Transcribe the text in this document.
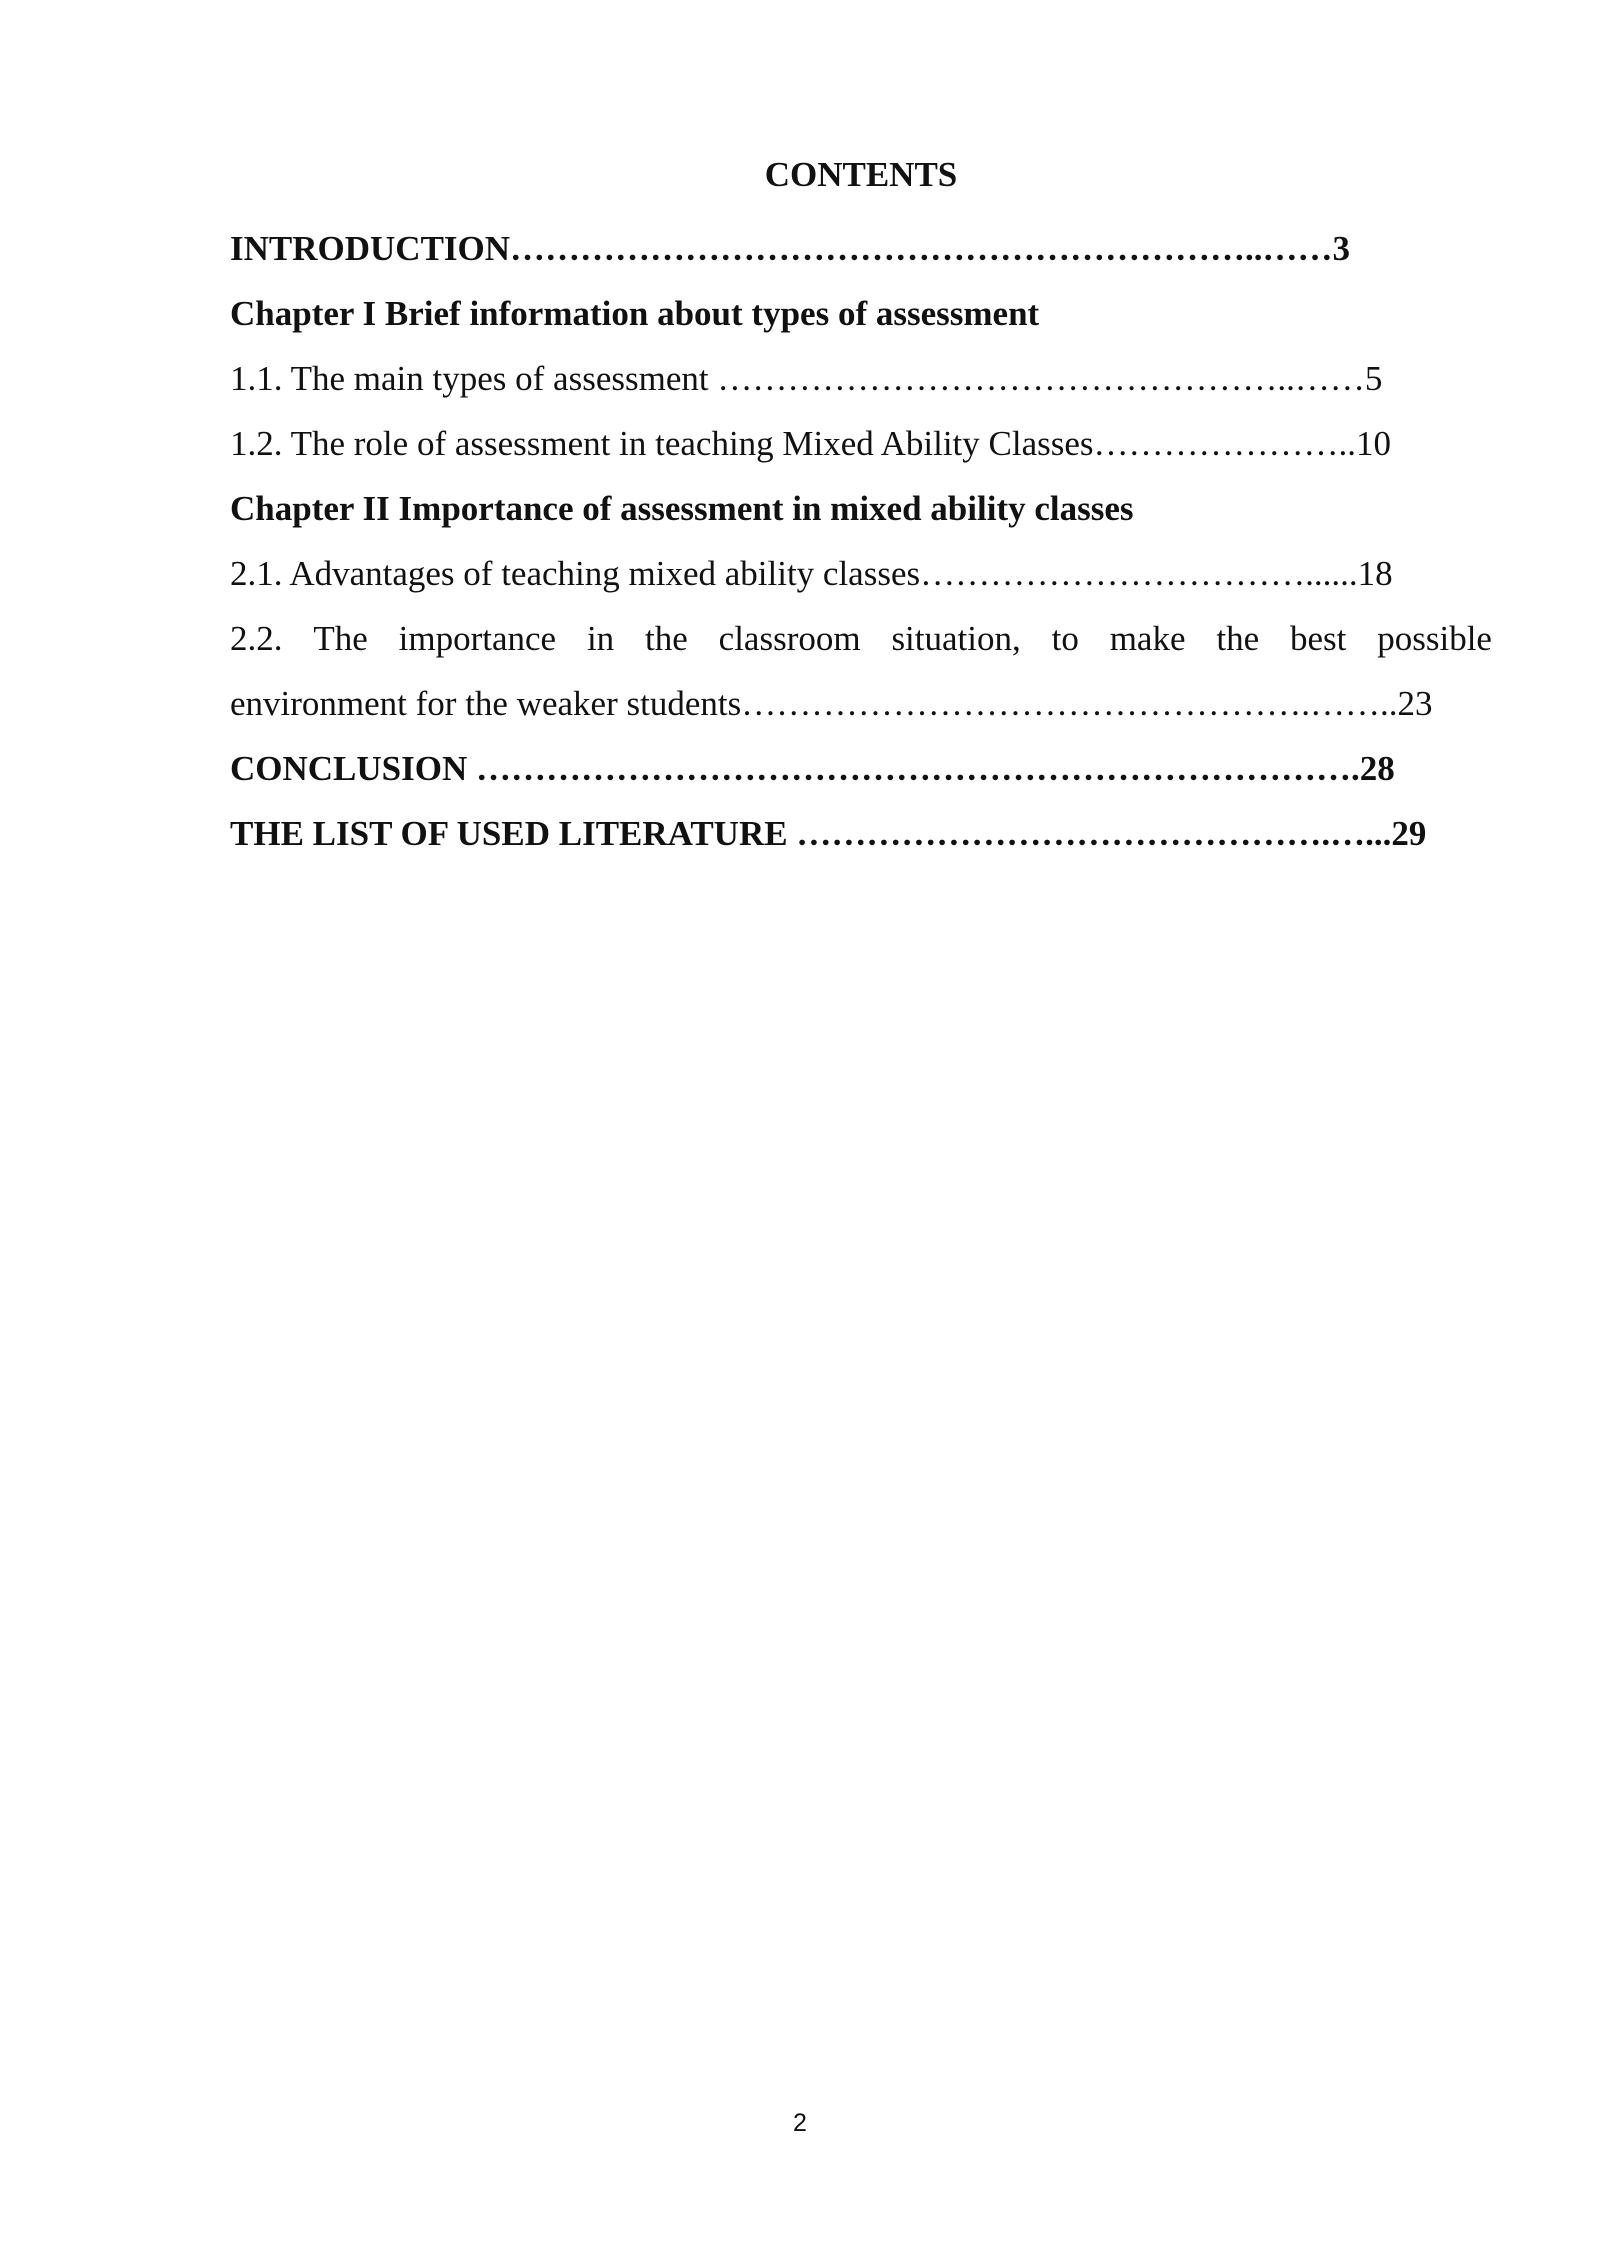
CONTENTS
INTRODUCTION………………………………………………………..……3
Chapter I Brief information about types of assessment
1.1. The main types of assessment …………………………………………..……5
1.2. The role of assessment in teaching Mixed Ability Classes…………………..10
Chapter II Importance of assessment in mixed ability classes
2.1. Advantages of teaching mixed ability classes……………………………......18
2.2. The importance in the classroom situation, to make the best possible
environment for the weaker students………………………………………….……..23
CONCLUSION ………………………………………………………………….28
THE LIST OF USED LITERATURE ……………………………………….…...29
2
